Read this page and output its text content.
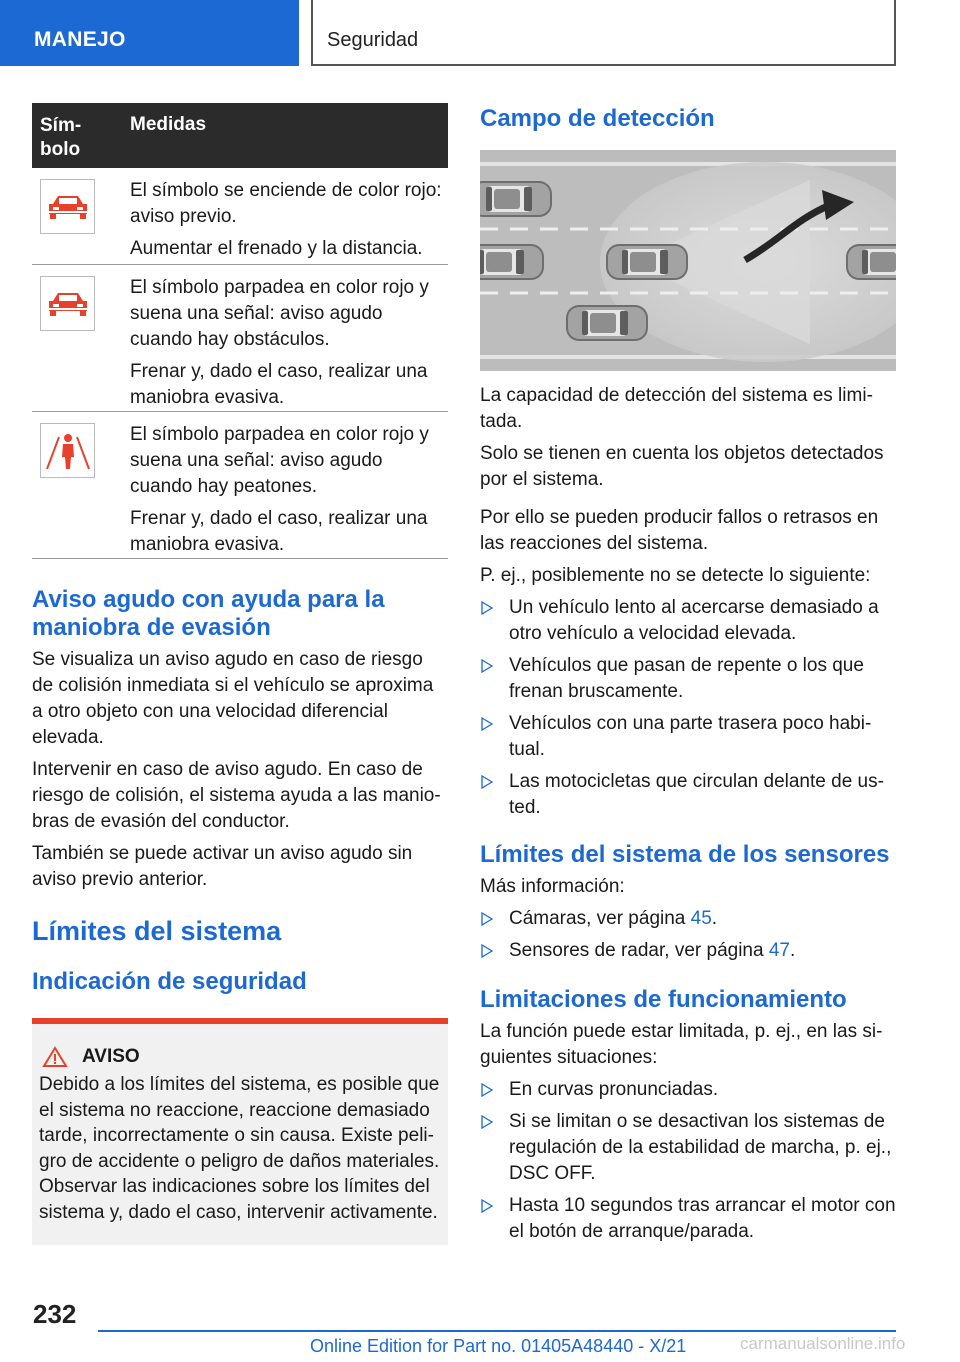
MANEJO	Seguridad
Sím-
bolo
Medidas

El símbolo se enciende de color rojo: aviso previo.

Aumentar el frenado y la distancia.

El símbolo parpadea en color rojo y suena una señal: aviso agudo cuando hay obstáculos.

Frenar y, dado el caso, realizar una maniobra evasiva.

El símbolo parpadea en color rojo y suena una señal: aviso agudo cuando hay peatones.

Frenar y, dado el caso, realizar una maniobra evasiva.

Aviso agudo con ayuda para la maniobra de evasión

Se visualiza un aviso agudo en caso de riesgo de colisión inmediata si el vehículo se aproxima a otro objeto con una velocidad diferencial elevada.

Intervenir en caso de aviso agudo. En caso de riesgo de colisión, el sistema ayuda a las maniobras de evasión del conductor.

También se puede activar un aviso agudo sin aviso previo anterior.

Límites del sistema
Indicación de seguridad
AVISO

Debido a los límites del sistema, es posible que el sistema no reaccione, reaccione demasiado tarde, incorrectamente o sin causa. Existe peligro de accidente o peligro de daños materiales. Observar las indicaciones sobre los límites del sistema y, dado el caso, intervenir activamente.

Campo de detección

La capacidad de detección del sistema es limitada.

Solo se tienen en cuenta los objetos detectados por el sistema.

Por ello se pueden producir fallos o retrasos en las reacciones del sistema.

P. ej., posiblemente no se detecte lo siguiente:

Un vehículo lento al acercarse demasiado a otro vehículo a velocidad elevada.
Vehículos que pasan de repente o los que frenan bruscamente.
Vehículos con una parte trasera poco habitual.
Las motocicletas que circulan delante de usted.
Límites del sistema de los sensores

Más información:

Cámaras, ver página 45.
Sensores de radar, ver página 47.
Limitaciones de funcionamiento

La función puede estar limitada, p. ej., en las siguientes situaciones:

En curvas pronunciadas.
Si se limitan o se desactivan los sistemas de regulación de la estabilidad de marcha, p. ej., DSC OFF.
Hasta 10 segundos tras arrancar el motor con el botón de arranque/parada.
232
Online Edition for Part no. 01405A48440 - X/21	carmanualsonline.info
